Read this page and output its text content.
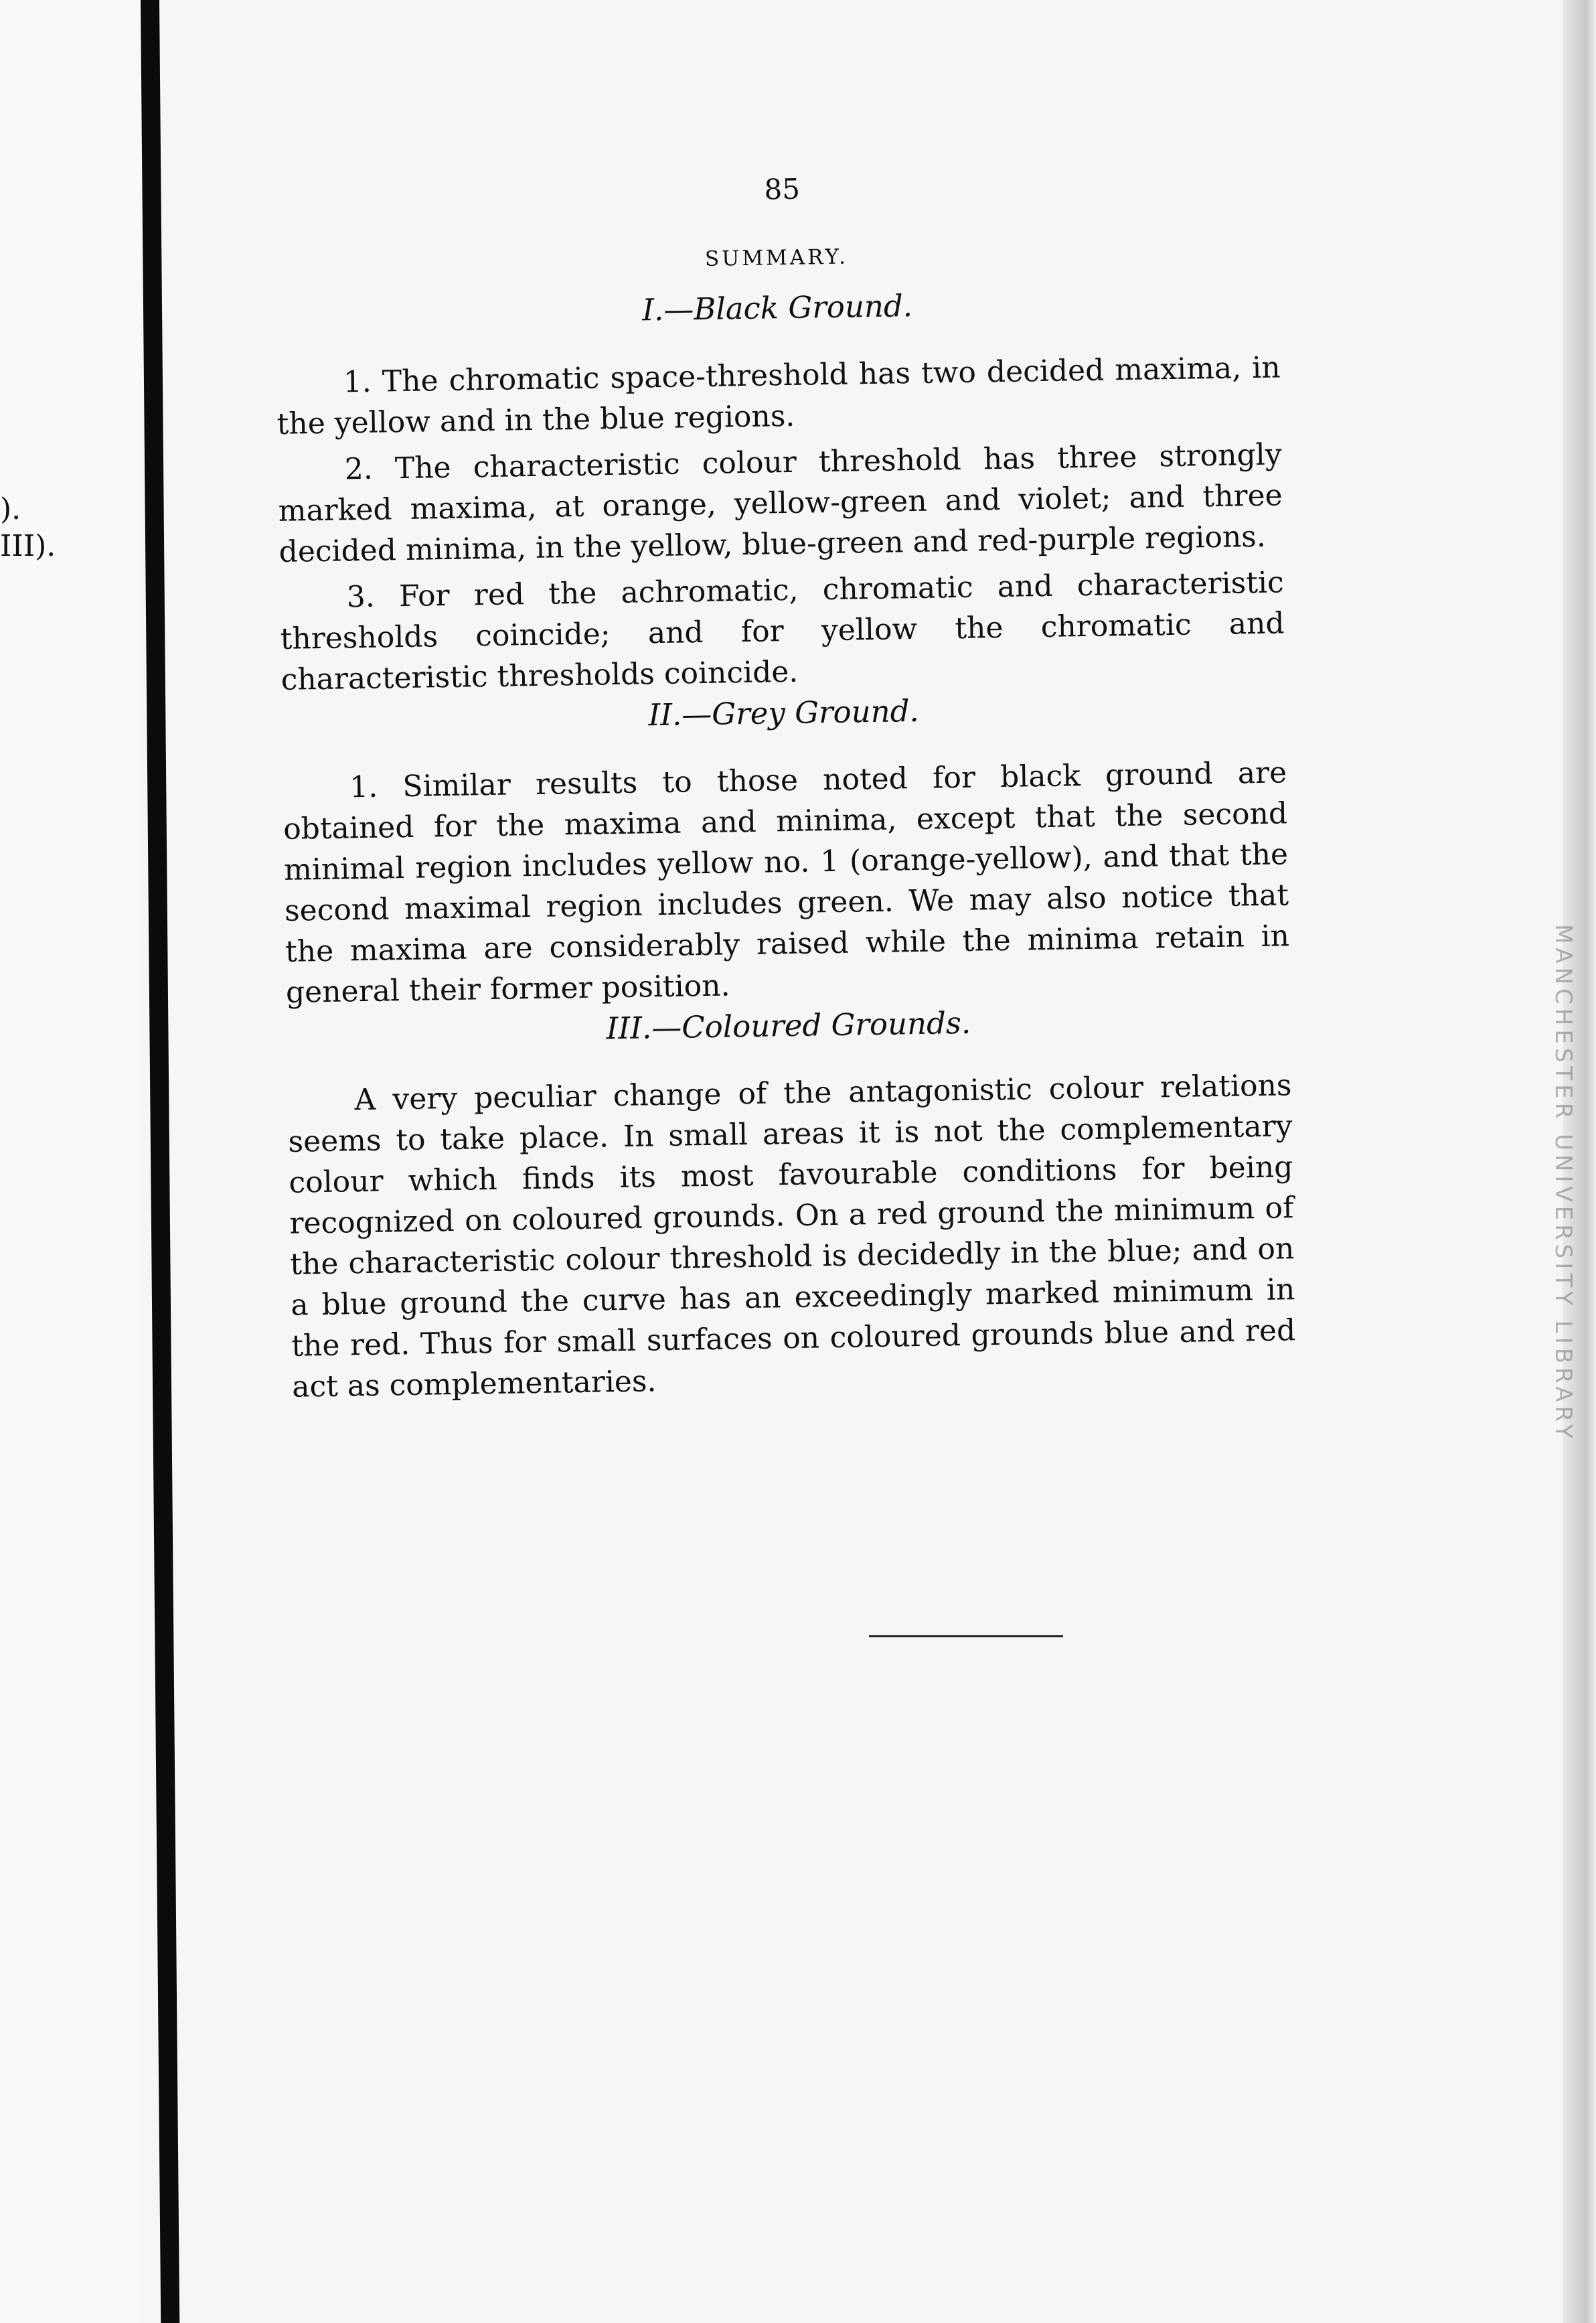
).
III).

85

SUMMARY.

I.—Black Ground.

1. The chromatic space-threshold has two decided maxima, in the yellow and in the blue regions.

2. The characteristic colour threshold has three strongly marked maxima, at orange, yellow-green and violet; and three decided minima, in the yellow, blue-green and red-purple regions.

3. For red the achromatic, chromatic and characteristic thresholds coincide; and for yellow the chromatic and characteristic thresholds coincide.

II.—Grey Ground.

1. Similar results to those noted for black ground are obtained for the maxima and minima, except that the second minimal region includes yellow no. 1 (orange-yellow), and that the second maximal region includes green. We may also notice that the maxima are considerably raised while the minima retain in general their former position.

III.—Coloured Grounds.

A very peculiar change of the antagonistic colour relations seems to take place. In small areas it is not the complementary colour which finds its most favourable conditions for being recognized on coloured grounds. On a red ground the minimum of the characteristic colour threshold is decidedly in the blue; and on a blue ground the curve has an exceedingly marked minimum in the red. Thus for small surfaces on coloured grounds blue and red act as complementaries.	MANCHESTER UNIVERSITY LIBRARY
